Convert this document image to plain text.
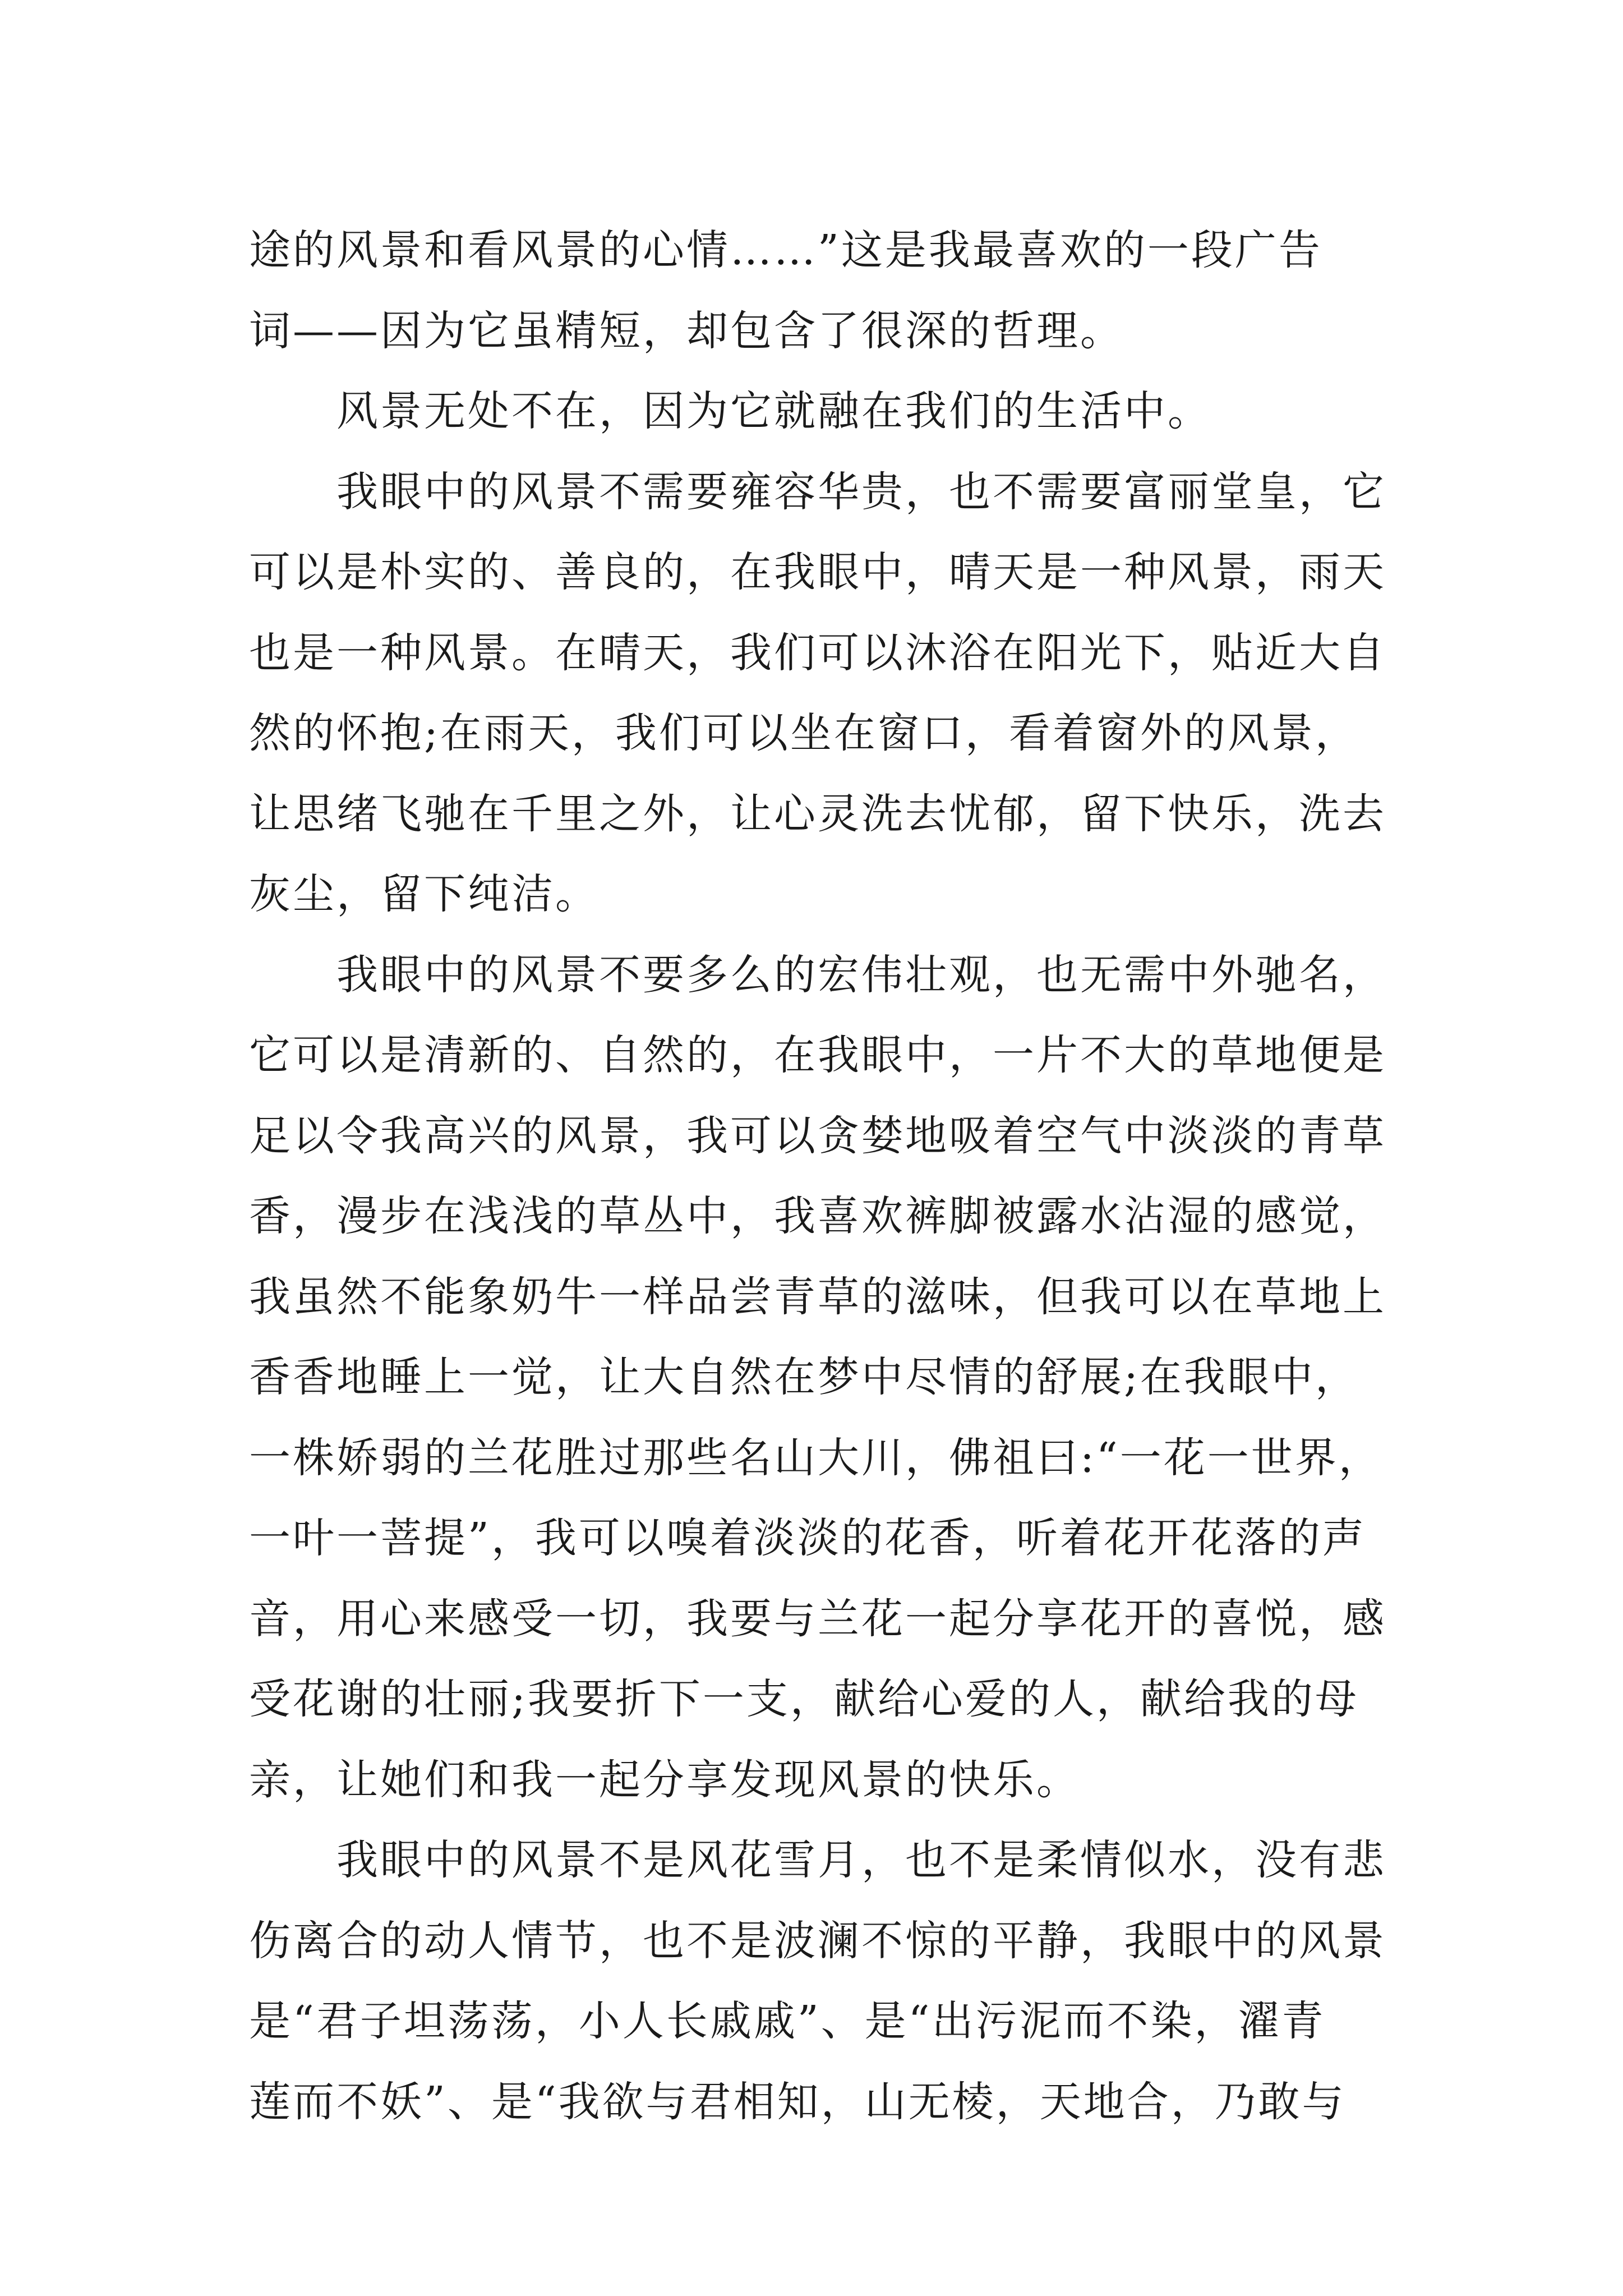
途的风景和看风景的心情……”这是我最喜欢的一段广告
词——因为它虽精短，却包含了很深的哲理。
　　风景无处不在，因为它就融在我们的生活中。
　　我眼中的风景不需要雍容华贵，也不需要富丽堂皇，它
可以是朴实的、善良的，在我眼中，晴天是一种风景，雨天
也是一种风景。在晴天，我们可以沐浴在阳光下，贴近大自
然的怀抱;在雨天，我们可以坐在窗口，看着窗外的风景，
让思绪飞驰在千里之外，让心灵洗去忧郁，留下快乐，洗去
灰尘，留下纯洁。
　　我眼中的风景不要多么的宏伟壮观，也无需中外驰名，
它可以是清新的、自然的，在我眼中，一片不大的草地便是
足以令我高兴的风景，我可以贪婪地吸着空气中淡淡的青草
香，漫步在浅浅的草丛中，我喜欢裤脚被露水沾湿的感觉，
我虽然不能象奶牛一样品尝青草的滋味，但我可以在草地上
香香地睡上一觉，让大自然在梦中尽情的舒展;在我眼中，
一株娇弱的兰花胜过那些名山大川，佛祖曰:“一花一世界，
一叶一菩提”，我可以嗅着淡淡的花香，听着花开花落的声
音，用心来感受一切，我要与兰花一起分享花开的喜悦，感
受花谢的壮丽;我要折下一支，献给心爱的人，献给我的母
亲，让她们和我一起分享发现风景的快乐。
　　我眼中的风景不是风花雪月，也不是柔情似水，没有悲
伤离合的动人情节，也不是波澜不惊的平静，我眼中的风景
是“君子坦荡荡，小人长戚戚”、是“出污泥而不染，濯青
莲而不妖”、是“我欲与君相知，山无棱，天地合，乃敢与
